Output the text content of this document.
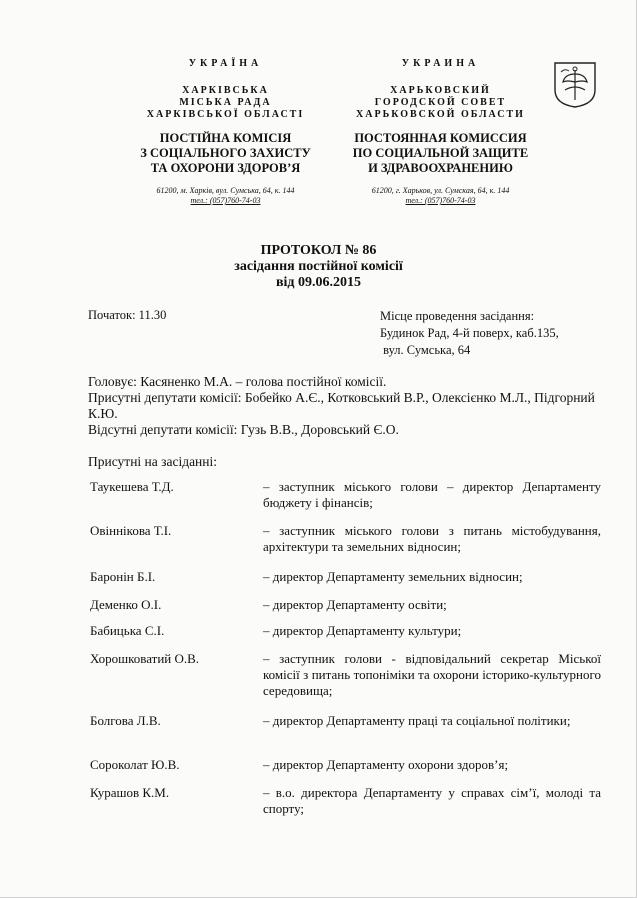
УКРАЇНА
ХАРКІВСЬКА
МІСЬКА РАДА
ХАРКІВСЬКОЇ ОБЛАСТІ
ПОСТІЙНА КОМІСІЯ
З СОЦІАЛЬНОГО ЗАХИСТУ
ТА ОХОРОНИ ЗДОРОВ’Я
61200, м. Харків, вул. Сумська, 64, к. 144
тел.: (057)760-74-03
УКРАИНА
ХАРЬКОВСКИЙ
ГОРОДСКОЙ СОВЕТ
ХАРЬКОВСКОЙ ОБЛАСТИ
ПОСТОЯННАЯ КОМИССИЯ
ПО СОЦИАЛЬНОЙ ЗАЩИТЕ
И ЗДРАВООХРАНЕНИЮ
61200, г. Харьков, ул. Сумская, 64, к. 144
тел.: (057)760-74-03
ПРОТОКОЛ № 86
засідання постійної комісії
від 09.06.2015
Початок: 11.30	Місце проведення засідання:
Будинок Рад, 4-й поверх, каб.135,
вул. Сумська, 64
Головує: Касяненко М.А. – голова постійної комісії.
Присутні депутати комісії: Бобейко А.Є., Котковський В.Р., Олексієнко М.Л., Підгорний К.Ю.
Відсутні депутати комісії: Гузь В.В., Доровський Є.О.
Присутні на засіданні:
Таукешева Т.Д.	– заступник міського голови – директор Департаменту бюджету і фінансів;
Овіннікова Т.І.	– заступник міського голови з питань містобудування, архітектури та земельних відносин;
Баронін Б.І.	– директор Департаменту земельних відносин;
Деменко О.І.	– директор Департаменту освіти;
Бабицька С.І.	– директор Департаменту культури;
Хорошковатий О.В.	– заступник голови - відповідальний секретар Міської комісії з питань топоніміки та охорони історико-культурного середовища;
Болгова Л.В.	– директор Департаменту праці та соціальної політики;
Сороколат Ю.В.	– директор Департаменту охорони здоров’я;
Курашов К.М.	– в.о. директора Департаменту у справах сім’ї, молоді та спорту;
